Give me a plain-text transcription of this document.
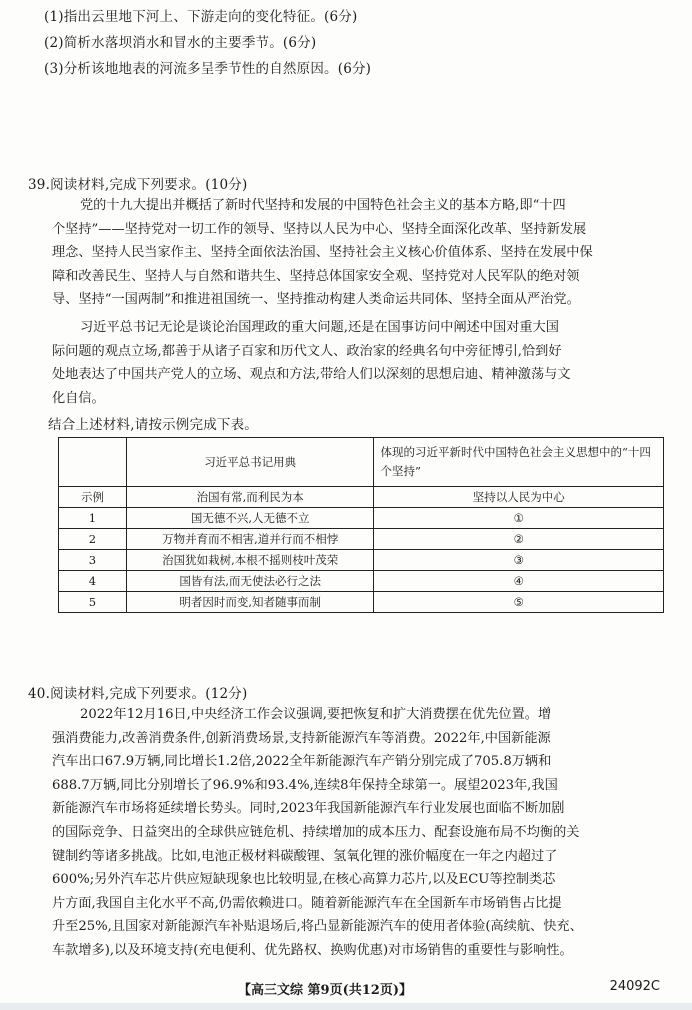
(1)指出云里地下河上、下游走向的变化特征。(6分)
(2)简析水落坝消水和冒水的主要季节。(6分)
(3)分析该地地表的河流多呈季节性的自然原因。(6分)
39.阅读材料,完成下列要求。(10分)

党的十九大提出并概括了新时代坚持和发展的中国特色社会主义的基本方略,即“十四

个坚持”——坚持党对一切工作的领导、坚持以人民为中心、坚持全面深化改革、坚持新发展

理念、坚持人民当家作主、坚持全面依法治国、坚持社会主义核心价值体系、坚持在发展中保

障和改善民生、坚持人与自然和谐共生、坚持总体国家安全观、坚持党对人民军队的绝对领

导、坚持“一国两制”和推进祖国统一、坚持推动构建人类命运共同体、坚持全面从严治党。

习近平总书记无论是谈论治国理政的重大问题,还是在国事访问中阐述中国对重大国

际问题的观点立场,都善于从诸子百家和历代文人、政治家的经典名句中旁征博引,恰到好

处地表达了中国共产党人的立场、观点和方法,带给人们以深刻的思想启迪、精神激荡与文

化自信。

结合上述材料,请按示例完成下表。
	习近平总书记用典	体现的习近平新时代中国特色社会主义思想中的“十四个坚持”
示例	治国有常,而利民为本	坚持以人民为中心
1	国无德不兴,人无德不立	①
2	万物并育而不相害,道并行而不相悖	②
3	治国犹如栽树,本根不摇则枝叶茂荣	③
4	国皆有法,而无使法必行之法	④
5	明者因时而变,知者随事而制	⑤
40.阅读材料,完成下列要求。(12分)

2022年12月16日,中央经济工作会议强调,要把恢复和扩大消费摆在优先位置。增

强消费能力,改善消费条件,创新消费场景,支持新能源汽车等消费。2022年,中国新能源

汽车出口67.9万辆,同比增长1.2倍,2022全年新能源汽车产销分别完成了705.8万辆和

688.7万辆,同比分别增长了96.9%和93.4%,连续8年保持全球第一。展望2023年,我国

新能源汽车市场将延续增长势头。同时,2023年我国新能源汽车行业发展也面临不断加剧

的国际竞争、日益突出的全球供应链危机、持续增加的成本压力、配套设施布局不均衡的关

键制约等诸多挑战。比如,电池正极材料碳酸锂、氢氧化锂的涨价幅度在一年之内超过了

600%;另外汽车芯片供应短缺现象也比较明显,在核心高算力芯片,以及ECU等控制类芯

片方面,我国自主化水平不高,仍需依赖进口。随着新能源汽车在全国新车市场销售占比提

升至25%,且国家对新能源汽车补贴退场后,将凸显新能源汽车的使用者体验(高续航、快充、

车款增多),以及环境支持(充电便利、优先路权、换购优惠)对市场销售的重要性与影响性。

【高三文综 第9页(共12页)】	24092C
